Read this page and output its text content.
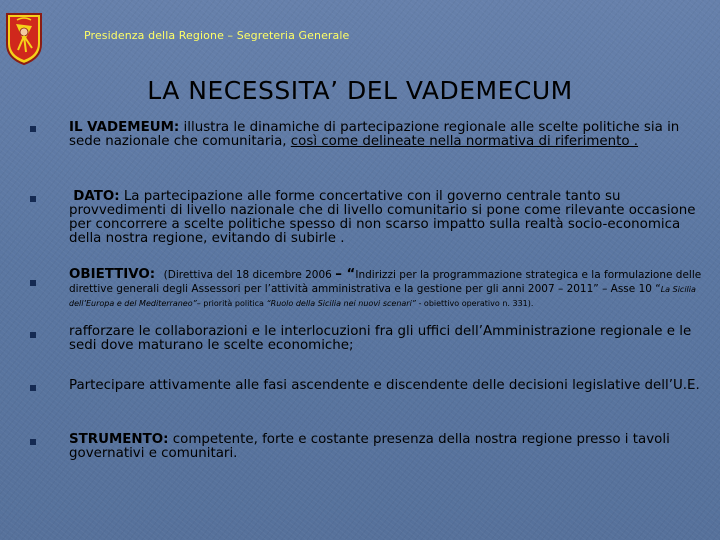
Presidenza della Regione – Segreteria Generale
LA NECESSITA’ DEL VADEMECUM
IL VADEMEUM: illustra le dinamiche di partecipazione regionale alle scelte politiche sia in sede nazionale che comunitaria, così come delineate nella normativa di riferimento .
DATO: La partecipazione alle forme concertative con il governo centrale tanto su provvedimenti di livello nazionale che di livello comunitario si pone come rilevante occasione per concorrere a scelte politiche spesso di non scarso impatto sulla realtà socio-economica della nostra regione, evitando di subirle .
OBIETTIVO: (Direttiva del 18 dicembre 2006 – “Indirizzi per la programmazione strategica e la formulazione delle direttive generali degli Assessori per l’attività amministrativa e la gestione per gli anni 2007 – 2011” – Asse 10 “La Sicilia dell’Europa e del Mediterraneo”– priorità politica “Ruolo della Sicilia nei nuovi scenari” - obiettivo operativo n. 331).
rafforzare le collaborazioni e le interlocuzioni fra gli uffici dell’Amministrazione regionale e le sedi dove maturano le scelte economiche;
Partecipare attivamente alle fasi ascendente e discendente delle decisioni legislative dell’U.E.
STRUMENTO: competente, forte e costante presenza della nostra regione presso i tavoli governativi e comunitari.
